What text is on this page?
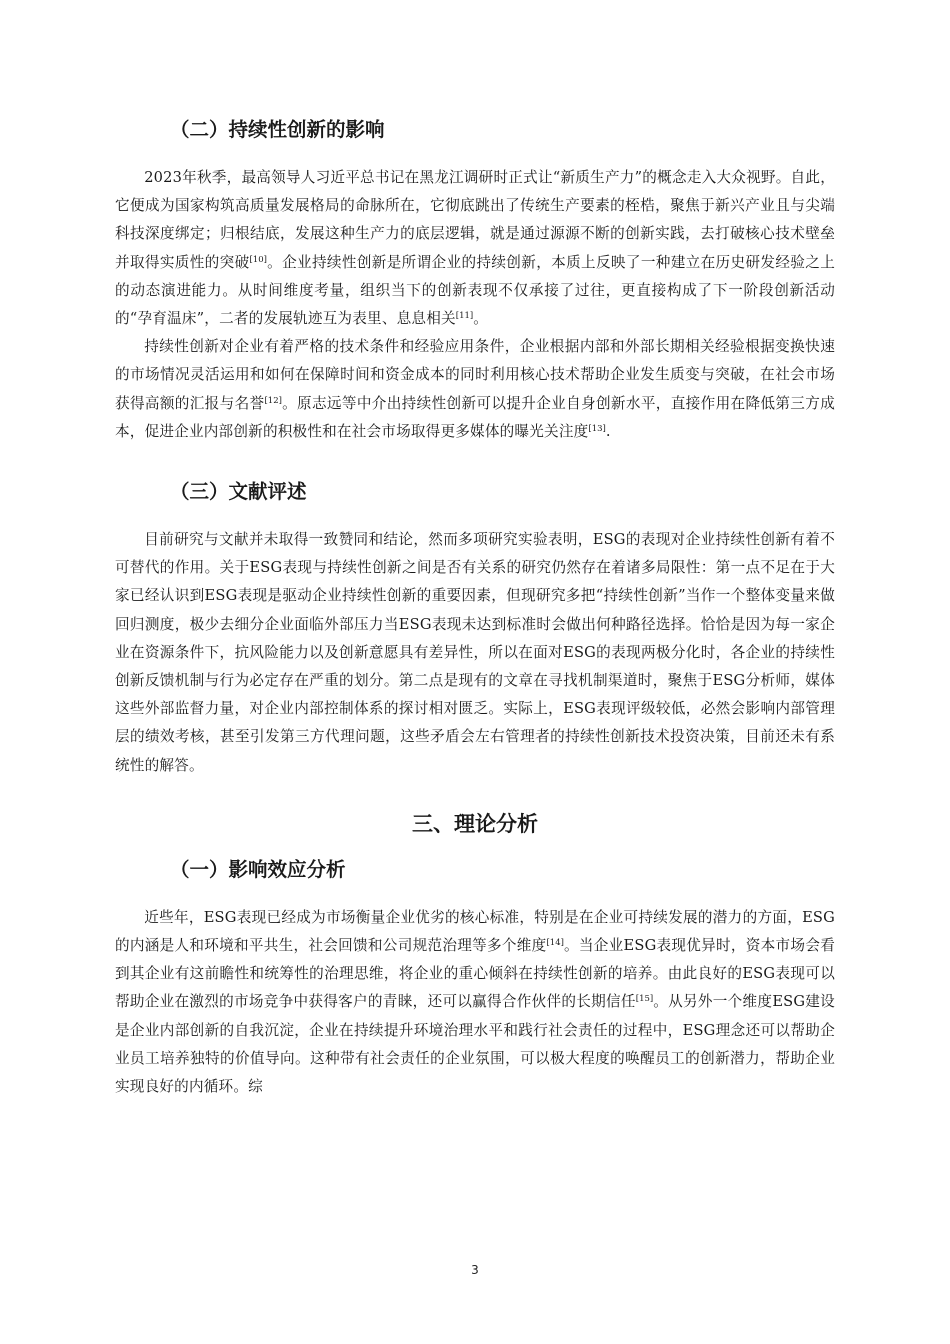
（二）持续性创新的影响

2023年秋季，最高领导人习近平总书记在黑龙江调研时正式让“新质生产力”的概念走入大众视野。自此，它便成为国家构筑高质量发展格局的命脉所在，它彻底跳出了传统生产要素的桎梏，聚焦于新兴产业且与尖端科技深度绑定；归根结底，发展这种生产力的底层逻辑，就是通过源源不断的创新实践，去打破核心技术壁垒并取得实质性的突破[10]。企业持续性创新是所谓企业的持续创新，本质上反映了一种建立在历史研发经验之上的动态演进能力。从时间维度考量，组织当下的创新表现不仅承接了过往，更直接构成了下一阶段创新活动的“孕育温床”，二者的发展轨迹互为表里、息息相关[11]。

持续性创新对企业有着严格的技术条件和经验应用条件，企业根据内部和外部长期相关经验根据变换快速的市场情况灵活运用和如何在保障时间和资金成本的同时利用核心技术帮助企业发生质变与突破，在社会市场获得高额的汇报与名誉[12]。原志远等中介出持续性创新可以提升企业自身创新水平，直接作用在降低第三方成本，促进企业内部创新的积极性和在社会市场取得更多媒体的曝光关注度[13].

（三）文献评述

目前研究与文献并未取得一致赞同和结论，然而多项研究实验表明，ESG的表现对企业持续性创新有着不可替代的作用。关于ESG表现与持续性创新之间是否有关系的研究仍然存在着诸多局限性：第一点不足在于大家已经认识到ESG表现是驱动企业持续性创新的重要因素，但现研究多把“持续性创新”当作一个整体变量来做回归测度，极少去细分企业面临外部压力当ESG表现未达到标准时会做出何种路径选择。恰恰是因为每一家企业在资源条件下，抗风险能力以及创新意愿具有差异性，所以在面对ESG的表现两极分化时，各企业的持续性创新反馈机制与行为必定存在严重的划分。第二点是现有的文章在寻找机制渠道时，聚焦于ESG分析师，媒体这些外部监督力量，对企业内部控制体系的探讨相对匮乏。实际上，ESG表现评级较低，必然会影响内部管理层的绩效考核，甚至引发第三方代理问题，这些矛盾会左右管理者的持续性创新技术投资决策，目前还未有系统性的解答。

三、理论分析
（一）影响效应分析

近些年，ESG表现已经成为市场衡量企业优劣的核心标准，特别是在企业可持续发展的潜力的方面，ESG的内涵是人和环境和平共生，社会回馈和公司规范治理等多个维度[14]。当企业ESG表现优异时，资本市场会看到其企业有这前瞻性和统筹性的治理思维，将企业的重心倾斜在持续性创新的培养。由此良好的ESG表现可以帮助企业在激烈的市场竞争中获得客户的青睐，还可以赢得合作伙伴的长期信任[15]。从另外一个维度ESG建设是企业内部创新的自我沉淀，企业在持续提升环境治理水平和践行社会责任的过程中，ESG理念还可以帮助企业员工培养独特的价值导向。这种带有社会责任的企业氛围，可以极大程度的唤醒员工的创新潜力，帮助企业实现良好的内循环。综

3
